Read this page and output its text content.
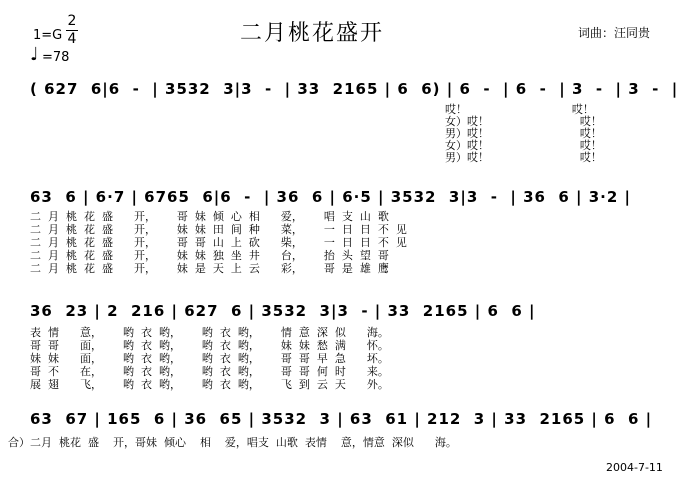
二月桃花盛开	词曲：汪同贵
1=G
2
4
♩ =78
( 627  6|6  -  | 3532  3|3  -  | 33  2165 | 6  6) | 6  -  | 6  -  | 3  -  | 3  -  |
哎！                              哎！
女）哎！                          哎！
男）哎！                          哎！
女）哎！                          哎！
男）哎！                          哎！
63  6 | 6·7 | 6765  6|6  -  | 36  6 | 6·5 | 3532  3|3  -  | 36  6 | 3·2 |
二  月  桃  花  盛      开，      哥  妹  倾  心  相      爱，      唱  支  山  歌
二  月  桃  花  盛      开，      妹  妹  田  间  种      菜，      一  日  日  不  见
二  月  桃  花  盛      开，      哥  哥  山  上  砍      柴，      一  日  日  不  见
二  月  桃  花  盛      开，      妹  妹  独  坐  井      台，      抬  头  望  哥
二  月  桃  花  盛      开，      妹  是  天  上  云      彩，      哥  是  雄  鹰
36  23 | 2  216 | 627  6 | 3532  3|3  - | 33  2165 | 6  6 |
表  情      意，      哟  衣  哟，      哟  衣  哟，      情  意  深  似      海。
哥  哥      面，      哟  衣  哟，      哟  衣  哟，      妹  妹  愁  满      怀。
妹  妹      面，      哟  衣  哟，      哟  衣  哟，      哥  哥  早  急      坏。
哥  不      在，      哟  衣  哟，      哟  衣  哟，      哥  哥  何  时      来。
展  翅      飞，      哟  衣  哟，      哟  衣  哟，      飞  到  云  天      外。
63  67 | 165  6 | 36  65 | 3532  3 | 63  61 | 212  3 | 33  2165 | 6  6 |
合）二月  桃花  盛    开，哥妹  倾心    相    爱，唱支  山歌  表情    意，情意  深似      海。
2004-7-11
